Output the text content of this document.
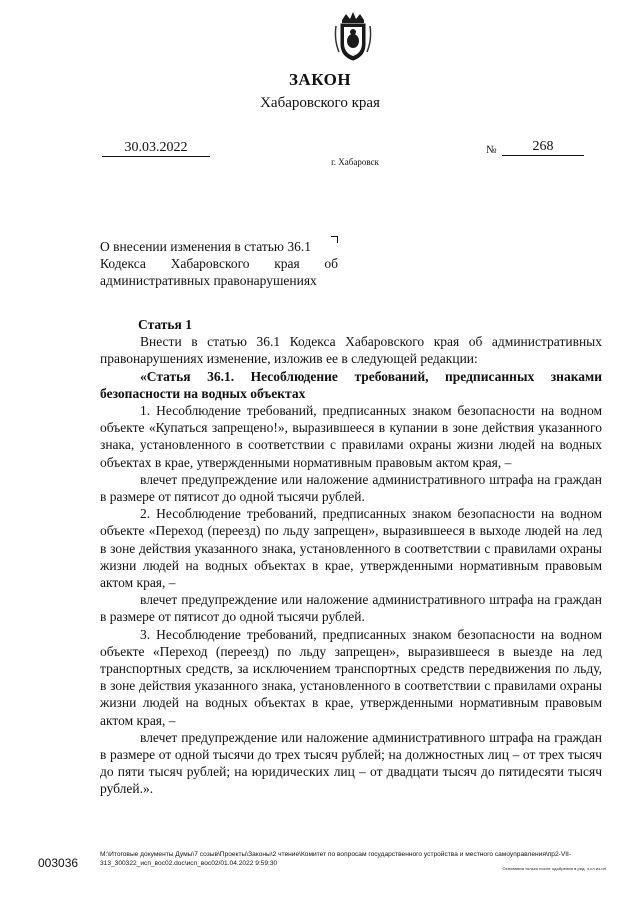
ЗАКОН
Хабаровского края
30.03.2022	№	268
г. Хабаровск
О внесении изменения в статью 36.1
Кодекса Хабаровского края об
административных правонарушениях

Статья 1

Внести в статью 36.1 Кодекса Хабаровского края об административных правонарушениях изменение, изложив ее в следующей редакции:

«Статья 36.1. Несоблюдение требований, предписанных знаками безопасности на водных объектах

1. Несоблюдение требований, предписанных знаком безопасности на водном объекте «Купаться запрещено!», выразившееся в купании в зоне действия указанного знака, установленного в соответствии с правилами охраны жизни людей на водных объектах в крае, утвержденными нормативным правовым актом края, –

влечет предупреждение или наложение административного штрафа на граждан в размере от пятисот до одной тысячи рублей.

2. Несоблюдение требований, предписанных знаком безопасности на водном объекте «Переход (переезд) по льду запрещен», выразившееся в выходе людей на лед в зоне действия указанного знака, установленного в соответствии с правилами охраны жизни людей на водных объектах в крае, утвержденными нормативным правовым актом края, –

влечет предупреждение или наложение административного штрафа на граждан в размере от пятисот до одной тысячи рублей.

3. Несоблюдение требований, предписанных знаком безопасности на водном объекте «Переход (переезд) по льду запрещен», выразившееся в выезде на лед транспортных средств, за исключением транспортных средств передвижения по льду, в зоне действия указанного знака, установленного в соответствии с правилами охраны жизни людей на водных объектах в крае, утвержденными нормативным правовым актом края, –

влечет предупреждение или наложение административного штрафа на граждан в размере от одной тысячи до трех тысяч рублей; на должностных лиц – от трех тысяч до пяти тысяч рублей; на юридических лиц – от двадцати тысяч до пятидесяти тысяч рублей.».

003036
M:\Итоговые документы Думы\7 созыв\Проекты\Законы\2 чтение\Комитет по вопросам государственного устройства и местного самоуправления\пр2-VII-313_300322_исп_вос02.doc\исп_вос02/01.04.2022 9:59:30
Основания только после одобрения в ред. з.сл.из.ол
